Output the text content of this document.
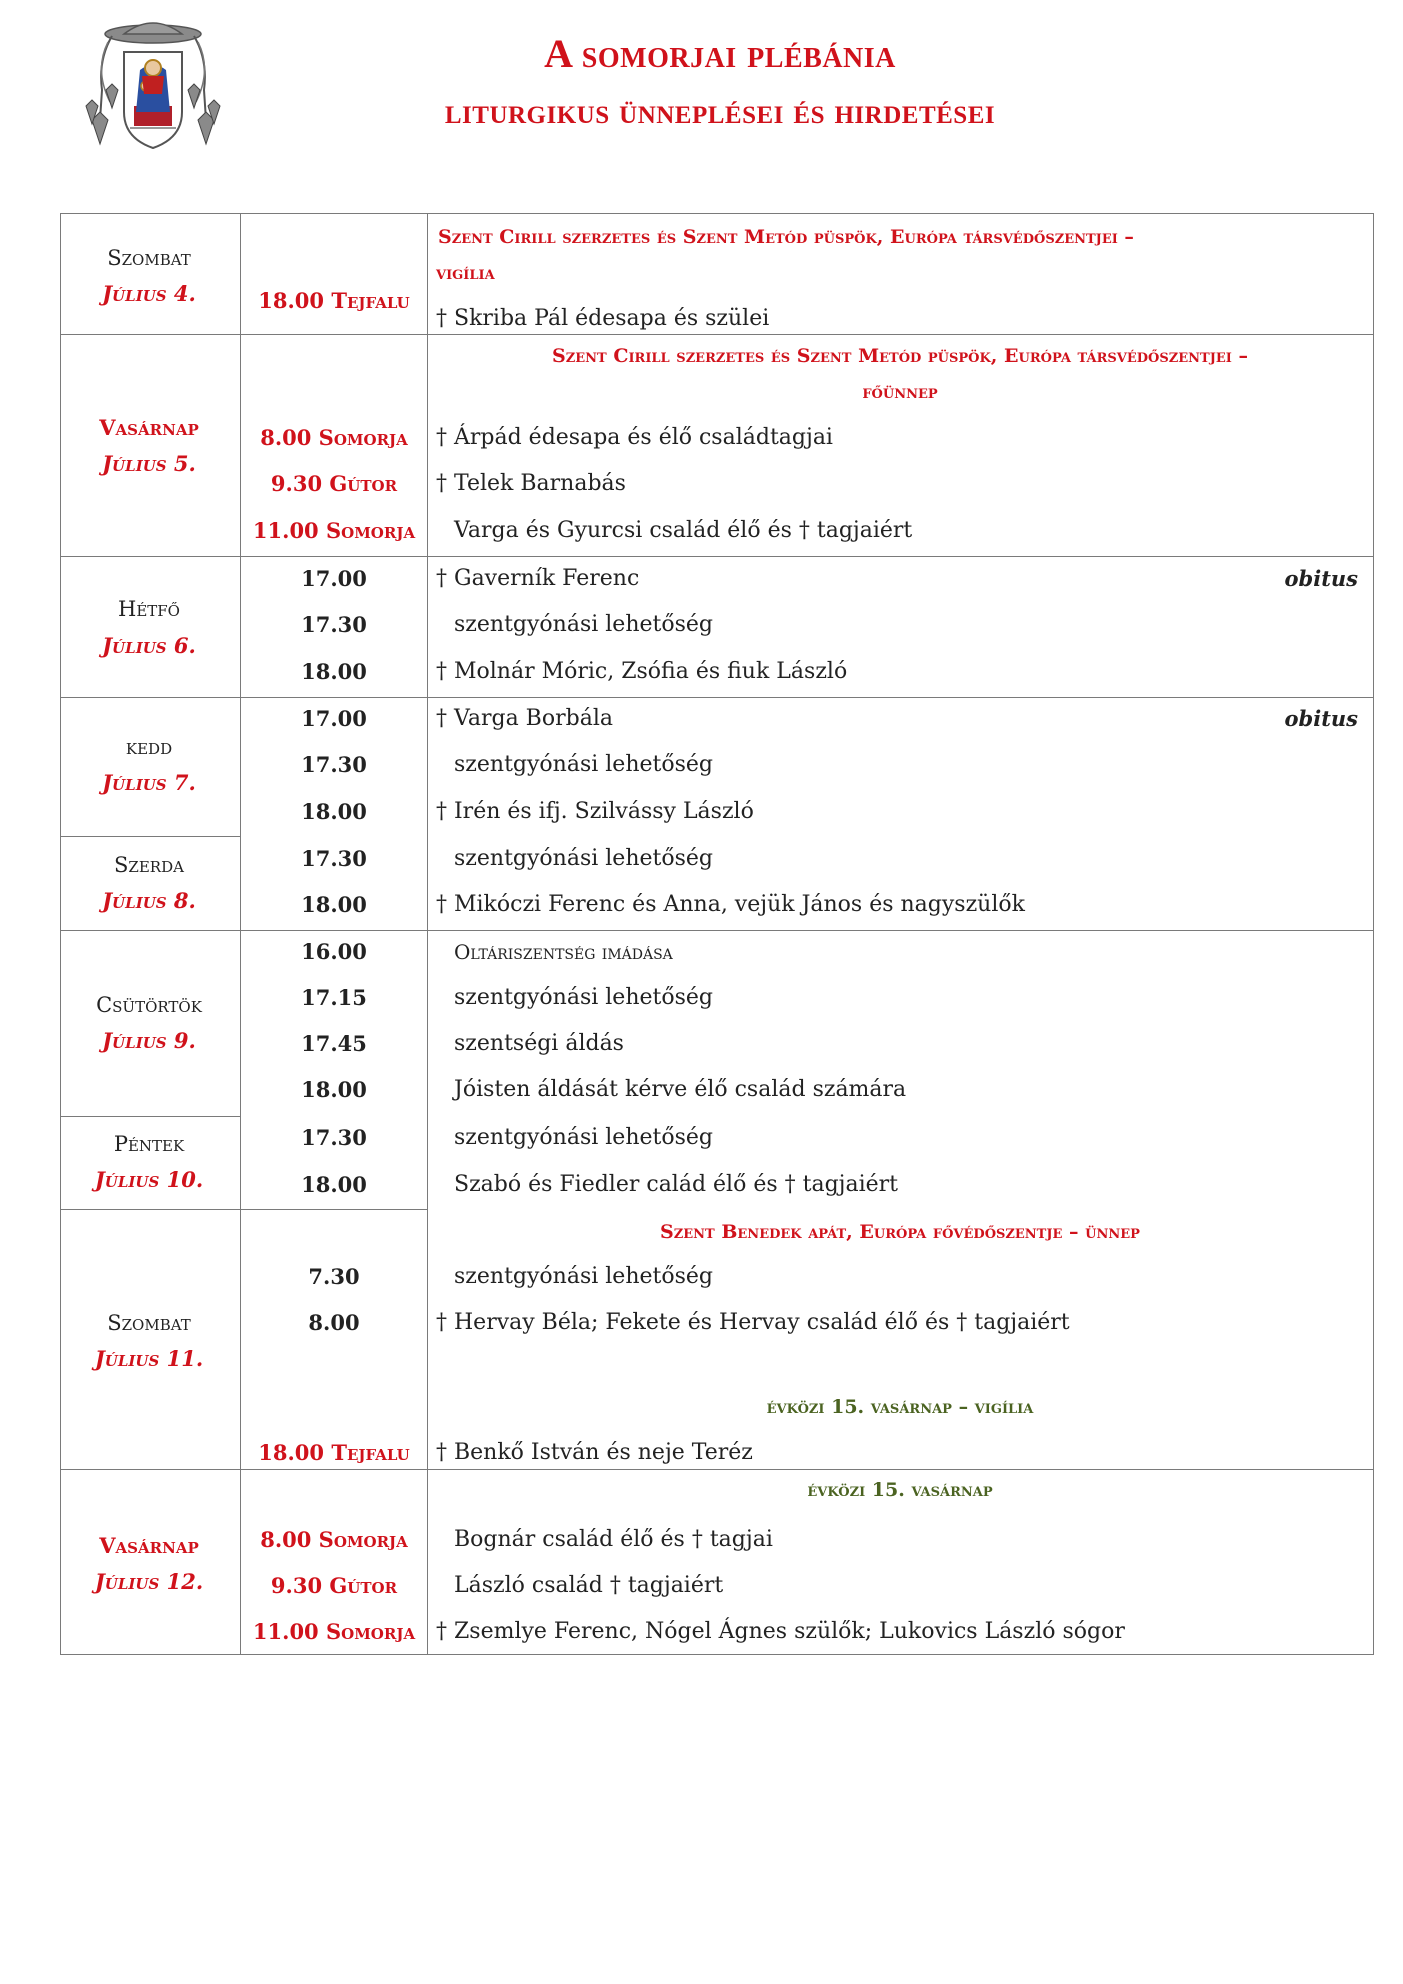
A somorjai plébánia
liturgikus ünneplései és hirdetései
Szombat
Július 4.
Vasárnap
Július 5.
Hétfő
Július 6.
kedd
Július 7.
Szerda
Július 8.
Csütörtök
Július 9.
Péntek
Július 10.
Szombat
Július 11.
Vasárnap
Július 12.
Szent Cirill szerzetes és Szent Metód püspök, Európa társvédőszentjei –
vigília
Szent Cirill szerzetes és Szent Metód püspök, Európa társvédőszentjei –
főünnep
Szent Benedek apát, Európa fővédőszentje – ünnep
évközi 15. vasárnap – vigília
évközi 15. vasárnap
18.00 Tejfalu
8.00 Somorja
9.30 Gútor
11.00 Somorja
17.00
17.30
18.00
17.00
17.30
18.00
17.30
18.00
16.00
17.15
17.45
18.00
17.30
18.00
7.30
8.00
18.00 Tejfalu
8.00 Somorja
9.30 Gútor
11.00 Somorja
† Skriba Pál édesapa és szülei
† Árpád édesapa és élő családtagjai
† Telek Barnabás
Varga és Gyurcsi család élő és † tagjaiért
† Gaverník Ferenc	obitus
szentgyónási lehetőség
† Molnár Móric, Zsófia és fiuk László
† Varga Borbála	obitus
szentgyónási lehetőség
† Irén és ifj. Szilvássy László
szentgyónási lehetőség
† Mikóczi Ferenc és Anna, vejük János és nagyszülők
Oltáriszentség imádása
szentgyónási lehetőség
szentségi áldás
Jóisten áldását kérve élő család számára
szentgyónási lehetőség
Szabó és Fiedler calád élő és † tagjaiért
szentgyónási lehetőség
† Hervay Béla; Fekete és Hervay család élő és † tagjaiért
† Benkő István és neje Teréz
Bognár család élő és † tagjai
László család † tagjaiért
† Zsemlye Ferenc, Nógel Ágnes szülők; Lukovics László sógor
